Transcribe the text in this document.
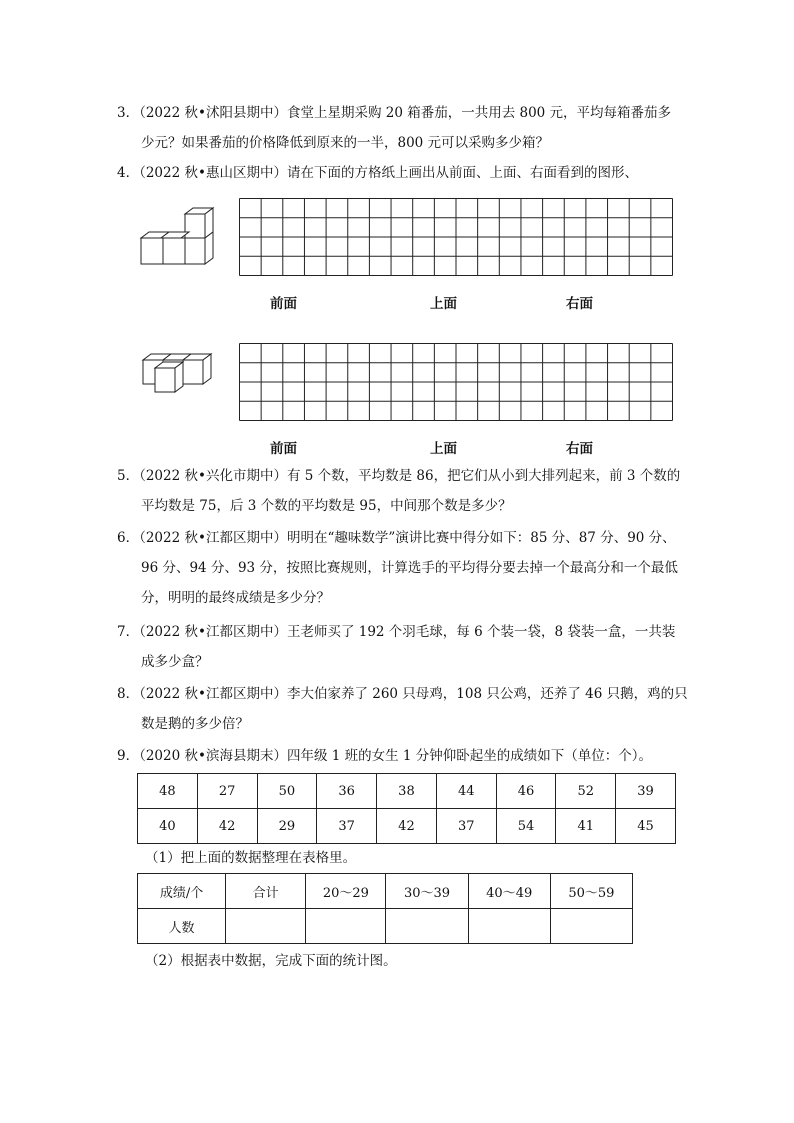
3．（2022 秋•沭阳县期中）食堂上星期采购 20 箱番茄，一共用去 800 元，平均每箱番茄多
少元？如果番茄的价格降低到原来的一半，800 元可以采购多少箱？
4．（2022 秋•惠山区期中）请在下面的方格纸上画出从前面、上面、右面看到的图形、
前面	上面	右面
前面	上面	右面
5．（2022 秋•兴化市期中）有 5 个数，平均数是 86，把它们从小到大排列起来，前 3 个数的
平均数是 75，后 3 个数的平均数是 95，中间那个数是多少？
6．（2022 秋•江都区期中）明明在“趣味数学”演讲比赛中得分如下：85 分、87 分、90 分、
96 分、94 分、93 分，按照比赛规则，计算选手的平均得分要去掉一个最高分和一个最低
分，明明的最终成绩是多少分？
7．（2022 秋•江都区期中）王老师买了 192 个羽毛球，每 6 个装一袋，8 袋装一盒，一共装
成多少盒？
8．（2022 秋•江都区期中）李大伯家养了 260 只母鸡，108 只公鸡，还养了 46 只鹅，鸡的只
数是鹅的多少倍？
9．（2020 秋•滨海县期末）四年级 1 班的女生 1 分钟仰卧起坐的成绩如下（单位：个）。
48	27	50	36	38	44	46	52	39
40	42	29	37	42	37	54	41	45
（1）把上面的数据整理在表格里。
成绩/个	合计	20～29	30～39	40～49	50～59
人数					
（2）根据表中数据，完成下面的统计图。
